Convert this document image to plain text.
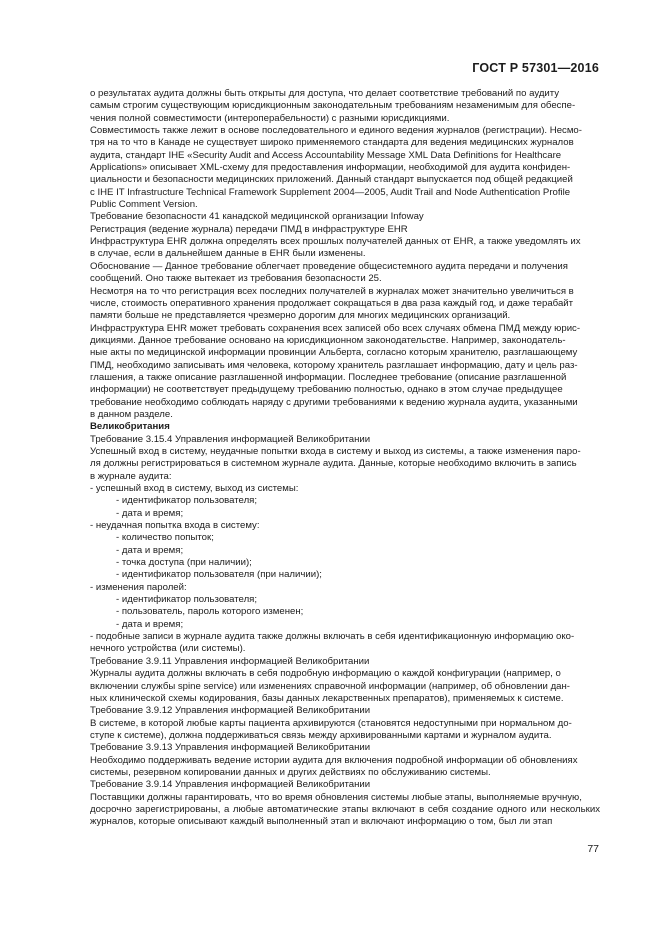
ГОСТ Р 57301—2016

о результатах аудита должны быть открыты для доступа, что делает соответствие требований по аудиту

самым строгим существующим юрисдикционным законодательным требованиям незаменимым для обеспе-

чения полной совместимости (интероперабельности) с разными юрисдикциями.

Совместимость также лежит в основе последовательного и единого ведения журналов (регистрации). Несмо-

тря на то что в Канаде не существует широко применяемого стандарта для ведения медицинских журналов

аудита, стандарт IHE «Security Audit and Access Accountability Message XML Data Definitions for Healthcare

Applications» описывает XML-схему для предоставления информации, необходимой для аудита конфиден-

циальности и безопасности медицинских приложений. Данный стандарт выпускается под общей редакцией

с IHE IT Infrastructure Technical Framework Supplement 2004—2005, Audit Trail and Node Authentication Profile

Public Comment Version.

Требование безопасности 41 канадской медицинской организации Infoway

Регистрация (ведение журнала) передачи ПМД в инфраструктуре EHR

Инфраструктура EHR должна определять всех прошлых получателей данных от EHR, а также уведомлять их

в случае, если в дальнейшем данные в EHR были изменены.

Обоснование — Данное требование облегчает проведение общесистемного аудита передачи и получения

сообщений. Оно также вытекает из требования безопасности 25.

Несмотря на то что регистрация всех последних получателей в журналах может значительно увеличиться в

числе, стоимость оперативного хранения продолжает сокращаться в два раза каждый год, и даже терабайт

памяти больше не представляется чрезмерно дорогим для многих медицинских организаций.

Инфраструктура EHR может требовать сохранения всех записей обо всех случаях обмена ПМД между юрис-

дикциями. Данное требование основано на юрисдикционном законодательстве. Например, законодатель-

ные акты по медицинской информации провинции Альберта, согласно которым хранителю, разглашающему

ПМД, необходимо записывать имя человека, которому хранитель разглашает информацию, дату и цель раз-

глашения, а также описание разглашенной информации. Последнее требование (описание разглашенной

информации) не соответствует предыдущему требованию полностью, однако в этом случае предыдущее

требование необходимо соблюдать наряду с другими требованиями к ведению журнала аудита, указанными

в данном разделе.

Великобритания

Требование 3.15.4 Управления информацией Великобритании

Успешный вход в систему, неудачные попытки входа в систему и выход из системы, а также изменения паро-

ля должны регистрироваться в системном журнале аудита. Данные, которые необходимо включить в запись

в журнале аудита:

- успешный вход в систему, выход из системы:

- идентификатор пользователя;

- дата и время;

- неудачная попытка входа в систему:

- количество попыток;

- дата и время;

- точка доступа (при наличии);

- идентификатор пользователя (при наличии);

- изменения паролей:

- идентификатор пользователя;

- пользователь, пароль которого изменен;

- дата и время;

- подобные записи в журнале аудита также должны включать в себя идентификационную информацию око-

нечного устройства (или системы).

Требование 3.9.11 Управления информацией Великобритании

Журналы аудита должны включать в себя подробную информацию о каждой конфигурации (например, о

включении службы spine service) или изменениях справочной информации (например, об обновлении дан-

ных клинической схемы кодирования, базы данных лекарственных препаратов), применяемых к системе.

Требование 3.9.12 Управления информацией Великобритании

В системе, в которой любые карты пациента архивируются (становятся недоступными при нормальном до-

ступе к системе), должна поддерживаться связь между архивированными картами и журналом аудита.

Требование 3.9.13 Управления информацией Великобритании

Необходимо поддерживать ведение истории аудита для включения подробной информации об обновлениях

системы, резервном копировании данных и других действиях по обслуживанию системы.

Требование 3.9.14 Управления информацией Великобритании

Поставщики должны гарантировать, что во время обновления системы любые этапы, выполняемые вручную,

досрочно зарегистрированы, а любые автоматические этапы включают в себя создание одного или нескольких журналов, которые описывают каждый выполненный этап и включают информацию о том, был ли этап

77
